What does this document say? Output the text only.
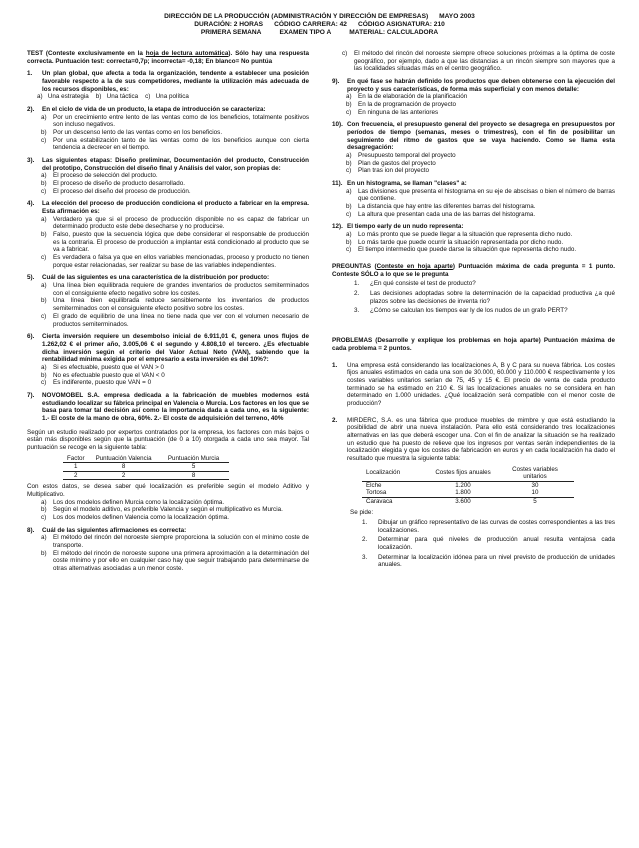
DIRECCIÓN DE LA PRODUCCIÓN (ADMINISTRACIÓN Y DIRECCIÓN DE EMPRESAS)      MAYO 2003
DURACIÓN: 2 HORAS      CÓDIGO CARRERA: 42      CÓDIGO ASIGNATURA: 210
PRIMERA SEMANA          EXAMEN TIPO A          MATERIAL: CALCULADORA

TEST (Conteste exclusivamente en la hoja de lectura automática). Sólo hay una respuesta correcta. Puntuación test: correcta=0,7p; incorrecta= -0,18; En blanco= No puntúa

1.	Un plan global, que afecta a toda la organización, tendente a establecer una posición favorable respecto a la de sus competidores, mediante la utilización más adecuada de los recursos disponibles, es:
a)   Una estrategia    b)   Una táctica    c)   Una política
2).	En el ciclo de vida de un producto, la etapa de introducción se caracteriza:
a)	Por un crecimiento entre lento de las ventas como de los beneficios, totalmente positivos son incluso negativos.
b)	Por un descenso lento de las ventas como en los beneficios.
c)	Por una estabilización tanto de las ventas como de los beneficios aunque con cierta tendencia a decrecer en el tiempo.
3).	Las siguientes etapas: Diseño preliminar, Documentación del producto, Construcción del prototipo, Construcción del diseño final y Análisis del valor, son propias de:
a)	El proceso de selección del producto.
b)	El proceso de diseño de producto desarrollado.
c)	El proceso del diseño del proceso de producción.
4).	La elección del proceso de producción condiciona el producto a fabricar en la empresa. Esta afirmación es:
a)	Verdadero ya que si el proceso de producción disponible no es capaz de fabricar un determinado producto este debe desecharse y no producirse.
b)	Falso, puesto que la secuencia lógica que debe considerar el responsable de producción es la contraria. El proceso de producción a implantar está condicionado al producto que se va a fabricar.
c)	Es verdadera o falsa ya que en ellos variables mencionadas, proceso y producto no tienen porque estar relacionadas, ser realizar su base de las variables independientes.
5).	Cuál de las siguientes es una característica de la distribución por producto:
a)	Una línea bien equilibrada requiere de grandes inventarios de productos semiterminados con el consiguiente efecto negativo sobre los costes.
b)	Una línea bien equilibrada reduce sensiblemente los inventarios de productos semiterminados con el consiguiente efecto positivo sobre los costes.
c)	El grado de equilibrio de una línea no tiene nada que ver con el volumen necesario de productos semiterminados.
6).	Cierta inversión requiere un desembolso inicial de 6.911,01 €, genera unos flujos de 1.262,02 € el primer año, 3.005,06 € el segundo y 4.808,10 el tercero. ¿Es efectuable dicha inversión según el criterio del Valor Actual Neto (VAN), sabiendo que la rentabilidad mínima exigida por el empresario a esta inversión es del 10%?:
a)	Si es efectuable, puesto que el VAN > 0
b)	No es efectuable puesto que el VAN < 0
c)	Es indiferente, puesto que VAN = 0
7).	NOVOMOBEL S.A. empresa dedicada a la fabricación de muebles modernos está estudiando localizar su fábrica principal en Valencia o Murcia. Los factores en los que se basa para tomar tal decisión así como la importancia dada a cada uno, es la siguiente: 1.- El coste de la mano de obra, 60%. 2.- El coste de adquisición del terreno, 40%

Según un estudio realizado por expertos contratados por la empresa, los factores con más bajos o están más disponibles según que la puntuación (de 0 a 10) otorgada a cada uno sea mayor. Tal puntuación se recoge en la siguiente tabla:

Factor	Puntuación Valencia	Puntuación Murcia
1	8	5
2	2	8

Con estos datos, se desea saber qué localización es preferible según el modelo Aditivo y Multiplicativo.

a)	Los dos modelos definen Murcia como la localización óptima.
b)	Según el modelo aditivo, es preferible Valencia y según el multiplicativo es Murcia.
c)	Los dos modelos definen Valencia como la localización óptima.
8).	Cuál de las siguientes afirmaciones es correcta:
a)	El método del rincón del noroeste siempre proporciona la solución con el mínimo coste de transporte.
b)	El método del rincón de noroeste supone una primera aproximación a la determinación del coste mínimo y por ello en cualquier caso hay que seguir trabajando para determinarse de otras alternativas asociadas a un menor coste.
c)	El método del rincón del noroeste siempre ofrece soluciones próximas a la óptima de coste geográfico, por ejemplo, dado a que las distancias a un rincón siempre son mayores que a las localidades situadas más en el centro geográfico.
9).	En qué fase se habrán definido los productos que deben obtenerse con la ejecución del proyecto y sus características, de forma más superficial y con menos detalle:
a)	En la de elaboración de la planificación
b)	En la de programación de proyecto
c)	En ninguna de las anteriores
10). Con frecuencia, el presupuesto general del proyecto se desagrega en presupuestos por períodos de tiempo (semanas, meses o trimestres), con el fin de posibilitar un seguimiento del ritmo de gastos que se vaya haciendo. Como se llama esta desagregación:
a)	Presupuesto temporal del proyecto
b)	Plan de gastos del proyecto
c)	Plan tras ion del proyecto
11). En un histograma, se llaman "clases" a:
a)	Las divisiones que presenta el histograma en su eje de abscisas o bien el número de barras que contiene.
b)	La distancia que hay entre las diferentes barras del histograma.
c)	La altura que presentan cada una de las barras del histograma.
12). El tiempo early de un nudo representa:
a)	Lo más pronto que se puede llegar a la situación que representa dicho nudo.
b)	Lo más tarde que puede ocurrir la situación representada por dicho nudo.
c)	El tiempo intermedio que puede darse la situación que representa dicho nudo.

PREGUNTAS (Conteste en hoja aparte) Puntuación máxima de cada pregunta = 1 punto. Conteste SÓLO a lo que se le pregunta

1.	¿En qué consiste el test de producto?
2.	Las decisiones adoptadas sobre la determinación de la capacidad productiva ¿a qué plazos sobre las decisiones de inventa rio?
3.	¿Cómo se calculan los tiempos ear ly de los nudos de un grafo PERT?

PROBLEMAS (Desarrolle y explique los problemas en hoja aparte) Puntuación máxima de cada problema = 2 puntos.

1.	Una empresa está considerando las localizaciones A, B y C para su nueva fábrica. Los costes fijos anuales estimados en cada una son de 30.000, 60.000 y 110.000 € respectivamente y los costes variables unitarios serían de 75, 45 y 15 €. El precio de venta de cada producto terminado se ha estimado en 210 €. Si las localizaciones anuales no se considera en han determinado en 1.000 unidades. ¿Qué localización será compatible con el menor coste de producción?
2.	MIRDERC, S.A. es una fábrica que produce muebles de mimbre y que está estudiando la posibilidad de abrir una nueva instalación. Para ello está considerando tres localizaciones alternativas en las que deberá escoger una. Con el fin de analizar la situación se ha realizado un estudio que ha puesto de relieve que los ingresos por ventas serán independientes de la localización elegida y que los costes de fabricación en euros y en cada localización ha dado el resultado que muestra la siguiente tabla:
Localización	Costes fijos anuales	Costes variables unitarios
Elche	1.200	30
Tortosa	1.800	10
Caravaca	3.600	5

Se pide:

1.	Dibujar un gráfico representativo de las curvas de costes correspondientes a las tres localizaciones.
2.	Determinar para qué niveles de producción anual resulta ventajosa cada localización.
3.	Determinar la localización idónea para un nivel previsto de producción de unidades anuales.
